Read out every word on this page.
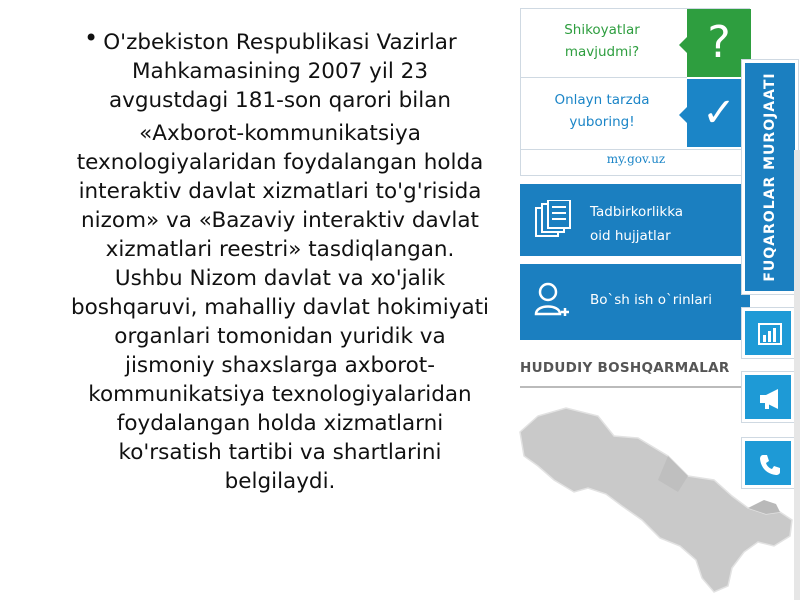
• O'zbekiston Respublikasi Vazirlar Mahkamasining 2007 yil 23 avgustdagi 181-son qarori bilan

«Axborot-kommunikatsiya texnologiyalaridan foydalangan holda interaktiv davlat xizmatlari to'g'risida nizom» va «Bazaviy interaktiv davlat xizmatlari reestri» tasdiqlangan. Ushbu Nizom davlat va xo'jalik boshqaruvi, mahalliy davlat hokimiyati organlari tomonidan yuridik va jismoniy shaxslarga axborot-kommunikatsiya texnologiyalaridan foydalangan holda xizmatlarni ko'rsatish tartibi va shartlarini belgilaydi.

Shikoyatlar
mavjudmi?	?
Onlayn tarzda
yuboring!	✓
my.gov.uz
Tadbirkorlikka
oid hujjatlar
Bo`sh ish o`rinlari
HUDUDIY BOSHQARMALAR
FUQAROLAR MUROJAATI
